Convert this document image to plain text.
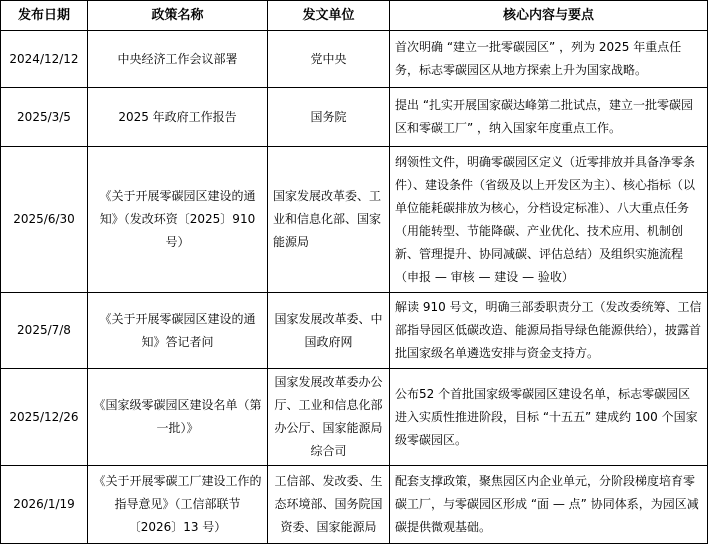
发布日期	政策名称	发文单位	核心内容与要点
2024/12/12	中央经济工作会议部署	党中央	首次明确 “建立一批零碳园区” ，列为 2025 年重点任务，标志零碳园区从地方探索上升为国家战略。
2025/3/5	2025 年政府工作报告	国务院	提出 “扎实开展国家碳达峰第二批试点，建立一批零碳园区和零碳工厂” ，纳入国家年度重点工作。
2025/6/30	《关于开展零碳园区建设的通知》（发改环资〔2025〕910 号）	国家发展改革委、工业和信息化部、国家能源局	纲领性文件，明确零碳园区定义（近零排放并具备净零条件）、建设条件（省级及以上开发区为主）、核心指标（以单位能耗碳排放为核心，分档设定标准）、八大重点任务（用能转型、节能降碳、产业优化、技术应用、机制创新、管理提升、协同减碳、评估总结）及组织实施流程（申报 — 审核 — 建设 — 验收）
2025/7/8	《关于开展零碳园区建设的通知》答记者问	国家发展改革委、中国政府网	解读 910 号文，明确三部委职责分工（发改委统筹、工信部指导园区低碳改造、能源局指导绿色能源供给），披露首批国家级名单遴选安排与资金支持方。
2025/12/26	《国家级零碳园区建设名单（第一批）》	国家发展改革委办公厅、工业和信息化部办公厅、国家能源局综合司	公布52 个首批国家级零碳园区建设名单，标志零碳园区进入实质性推进阶段，目标 “十五五” 建成约 100 个国家级零碳园区。
2026/1/19	《关于开展零碳工厂建设工作的指导意见》（工信部联节〔2026〕13 号）	工信部、发改委、生态环境部、国务院国资委、国家能源局	配套支撑政策，聚焦园区内企业单元，分阶段梯度培育零碳工厂，与零碳园区形成 “面 — 点” 协同体系，为园区减碳提供微观基础。
